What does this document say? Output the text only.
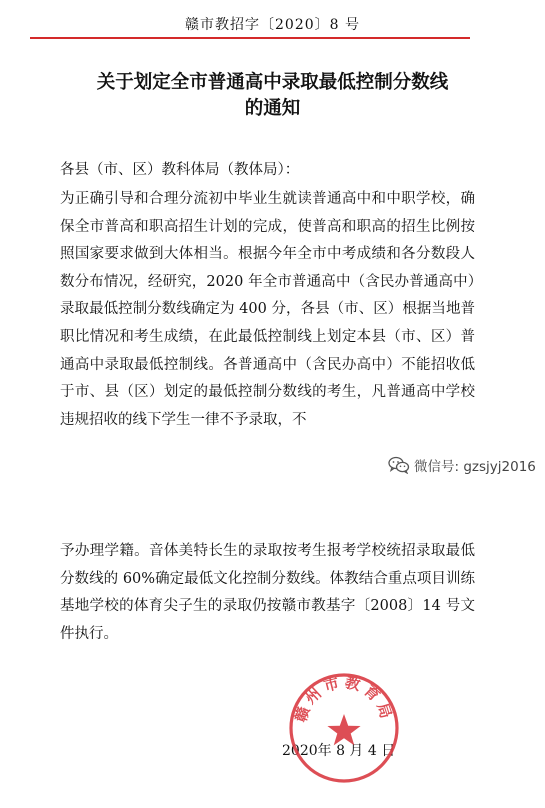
赣市教招字〔2020〕8 号
关于划定全市普通高中录取最低控制分数线
的通知
各县（市、区）教科体局（教体局）：

为正确引导和合理分流初中毕业生就读普通高中和中职学校，确保全市普高和职高招生计划的完成，使普高和职高的招生比例按照国家要求做到大体相当。根据今年全市中考成绩和各分数段人数分布情况，经研究，2020 年全市普通高中（含民办普通高中）录取最低控制分数线确定为 400 分，各县（市、区）根据当地普职比情况和考生成绩，在此最低控制线上划定本县（市、区）普通高中录取最低控制线。各普通高中（含民办高中）不能招收低于市、县（区）划定的最低控制分数线的考生，凡普通高中学校违规招收的线下学生一律不予录取，不

微信号: gzsjyj2016

予办理学籍。音体美特长生的录取按考生报考学校统招录取最低分数线的 60%确定最低文化控制分数线。体教结合重点项目训练基地学校的体育尖子生的录取仍按赣市教基字〔2008〕14 号文件执行。

2020年 8 月 4 日
赣州市教育局
